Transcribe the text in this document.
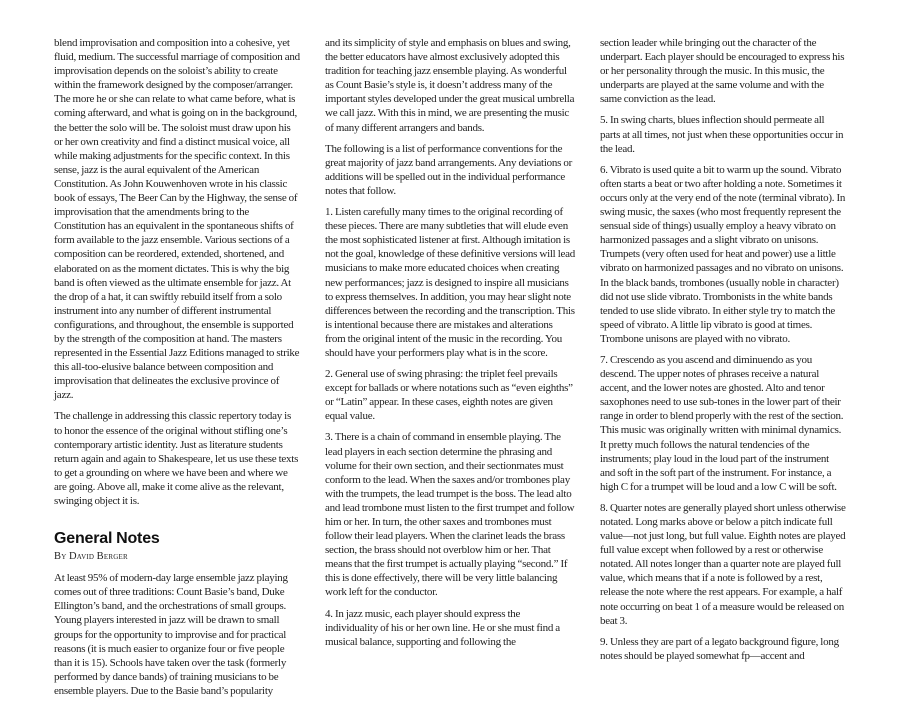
blend improvisation and composition into a cohesive, yet fluid, medium. The successful marriage of composition and improvisation depends on the soloist’s ability to create within the framework designed by the composer/arranger. The more he or she can relate to what came before, what is coming afterward, and what is going on in the background, the better the solo will be. The soloist must draw upon his or her own creativity and find a distinct musical voice, all while making adjustments for the specific context. In this sense, jazz is the aural equivalent of the American Constitution. As John Kouwenhoven wrote in his classic book of essays, The Beer Can by the Highway, the sense of improvisation that the amendments bring to the Constitution has an equivalent in the spontaneous shifts of form available to the jazz ensemble. Various sections of a composition can be reordered, extended, shortened, and elaborated on as the moment dictates. This is why the big band is often viewed as the ultimate ensemble for jazz. At the drop of a hat, it can swiftly rebuild itself from a solo instrument into any number of different instrumental configurations, and throughout, the ensemble is supported by the strength of the composition at hand. The masters represented in the Essential Jazz Editions managed to strike this all-too-elusive balance between composition and improvisation that delineates the exclusive province of jazz.

The challenge in addressing this classic repertory today is to honor the essence of the original without stifling one’s contemporary artistic identity. Just as literature students return again and again to Shakespeare, let us use these texts to get a grounding on where we have been and where we are going. Above all, make it come alive as the relevant, swinging object it is.

General Notes
By David Berger

At least 95% of modern-day large ensemble jazz playing comes out of three traditions: Count Basie’s band, Duke Ellington’s band, and the orchestrations of small groups. Young players interested in jazz will be drawn to small groups for the opportunity to improvise and for practical reasons (it is much easier to organize four or five people than it is 15). Schools have taken over the task (formerly performed by dance bands) of training musicians to be ensemble players. Due to the Basie band’s popularity

and its simplicity of style and emphasis on blues and swing, the better educators have almost exclusively adopted this tradition for teaching jazz ensemble playing. As wonderful as Count Basie’s style is, it doesn’t address many of the important styles developed under the great musical umbrella we call jazz. With this in mind, we are presenting the music of many different arrangers and bands.

The following is a list of performance conventions for the great majority of jazz band arrangements. Any deviations or additions will be spelled out in the individual performance notes that follow.

1. Listen carefully many times to the original recording of these pieces. There are many subtleties that will elude even the most sophisticated listener at first. Although imitation is not the goal, knowledge of these definitive versions will lead musicians to make more educated choices when creating new performances; jazz is designed to inspire all musicians to express themselves. In addition, you may hear slight note differences between the recording and the transcription. This is intentional because there are mistakes and alterations from the original intent of the music in the recording. You should have your performers play what is in the score.

2. General use of swing phrasing: the triplet feel prevails except for ballads or where notations such as “even eighths” or “Latin” appear. In these cases, eighth notes are given equal value.

3. There is a chain of command in ensemble playing. The lead players in each section determine the phrasing and volume for their own section, and their sectionmates must conform to the lead. When the saxes and/or trombones play with the trumpets, the lead trumpet is the boss. The lead alto and lead trombone must listen to the first trumpet and follow him or her. In turn, the other saxes and trombones must follow their lead players. When the clarinet leads the brass section, the brass should not overblow him or her. That means that the first trumpet is actually playing “second.” If this is done effectively, there will be very little balancing work left for the conductor.

4. In jazz music, each player should express the individuality of his or her own line. He or she must find a musical balance, supporting and following the

section leader while bringing out the character of the underpart. Each player should be encouraged to express his or her personality through the music. In this music, the underparts are played at the same volume and with the same conviction as the lead.

5. In swing charts, blues inflection should permeate all parts at all times, not just when these opportunities occur in the lead.

6. Vibrato is used quite a bit to warm up the sound. Vibrato often starts a beat or two after holding a note. Sometimes it occurs only at the very end of the note (terminal vibrato). In swing music, the saxes (who most frequently represent the sensual side of things) usually employ a heavy vibrato on harmonized passages and a slight vibrato on unisons. Trumpets (very often used for heat and power) use a little vibrato on harmonized passages and no vibrato on unisons. In the black bands, trombones (usually noble in character) did not use slide vibrato. Trombonists in the white bands tended to use slide vibrato. In either style try to match the speed of vibrato. A little lip vibrato is good at times. Trombone unisons are played with no vibrato.

7. Crescendo as you ascend and diminuendo as you descend. The upper notes of phrases receive a natural accent, and the lower notes are ghosted. Alto and tenor saxophones need to use sub-tones in the lower part of their range in order to blend properly with the rest of the section. This music was originally written with minimal dynamics. It pretty much follows the natural tendencies of the instruments; play loud in the loud part of the instrument and soft in the soft part of the instrument. For instance, a high C for a trumpet will be loud and a low C will be soft.

8. Quarter notes are generally played short unless otherwise notated. Long marks above or below a pitch indicate full value—not just long, but full value. Eighth notes are played full value except when followed by a rest or otherwise notated. All notes longer than a quarter note are played full value, which means that if a note is followed by a rest, release the note where the rest appears. For example, a half note occurring on beat 1 of a measure would be released on beat 3.

9. Unless they are part of a legato background figure, long notes should be played somewhat fp—accent and
